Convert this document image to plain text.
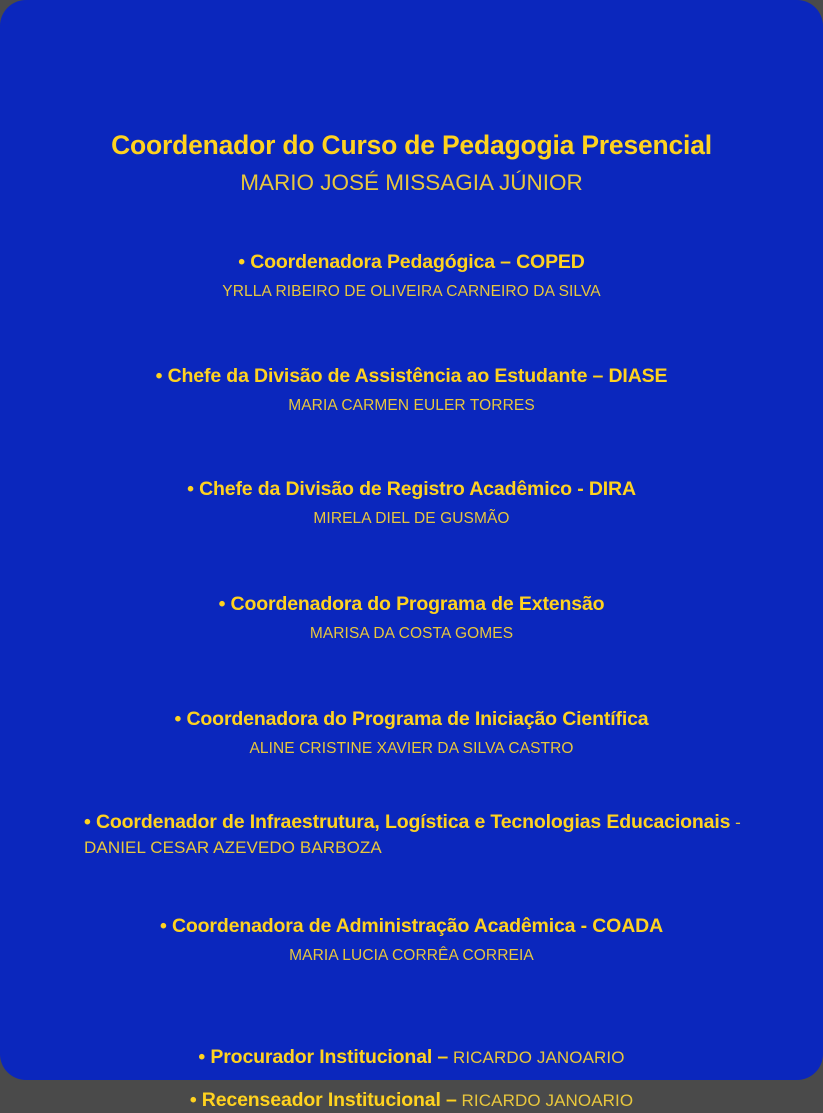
Coordenador do Curso de Pedagogia Presencial

MARIO JOSÉ MISSAGIA JÚNIOR

• Coordenadora Pedagógica – COPED

YRLLA RIBEIRO DE OLIVEIRA CARNEIRO DA SILVA

• Chefe da Divisão de Assistência ao Estudante – DIASE

MARIA CARMEN EULER TORRES

• Chefe da Divisão de Registro Acadêmico - DIRA

MIRELA DIEL DE GUSMÃO

• Coordenadora do Programa de Extensão

MARISA DA COSTA GOMES

• Coordenadora do Programa de Iniciação Científica

ALINE CRISTINE XAVIER DA SILVA CASTRO

• Coordenador de Infraestrutura, Logística e Tecnologias Educacionais - DANIEL CESAR AZEVEDO BARBOZA

• Coordenadora de Administração Acadêmica - COADA

MARIA LUCIA CORRÊA CORREIA

• Procurador Institucional – RICARDO JANOARIO

• Recenseador Institucional – RICARDO JANOARIO
